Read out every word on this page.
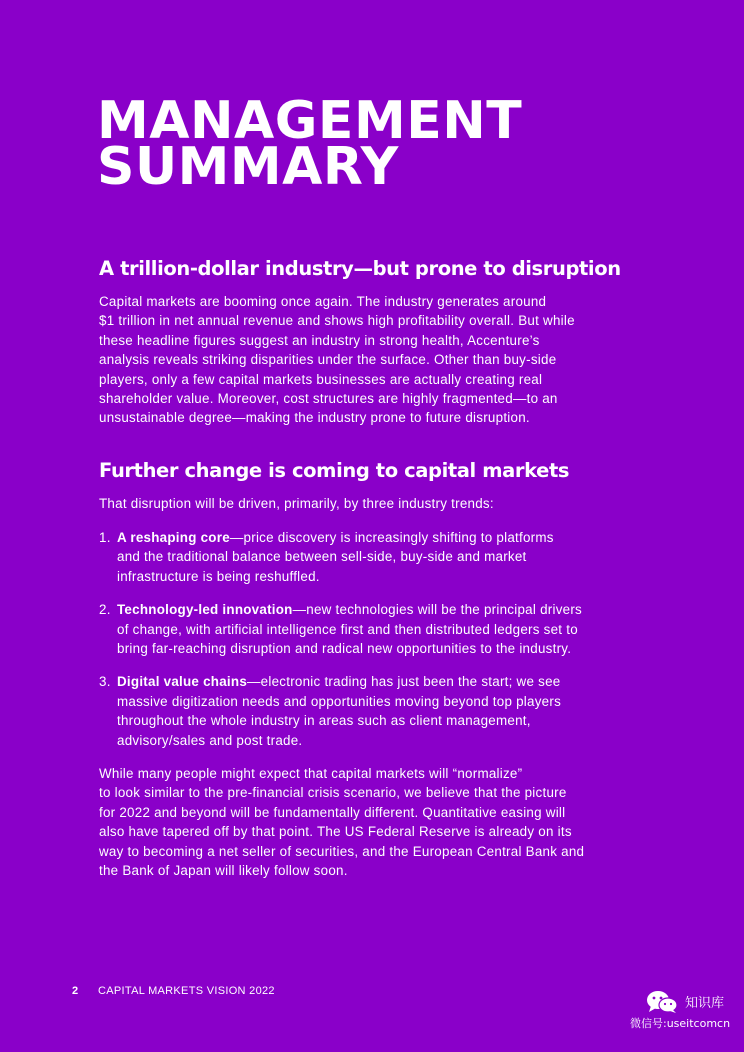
MANAGEMENT
SUMMARY
A trillion-dollar industry—but prone to disruption

Capital markets are booming once again. The industry generates around
$1 trillion in net annual revenue and shows high profitability overall. But while
these headline figures suggest an industry in strong health, Accenture’s
analysis reveals striking disparities under the surface. Other than buy-side
players, only a few capital markets businesses are actually creating real
shareholder value. Moreover, cost structures are highly fragmented—to an
unsustainable degree—making the industry prone to future disruption.

Further change is coming to capital markets

That disruption will be driven, primarily, by three industry trends:

1. A reshaping core—price discovery is increasingly shifting to platforms
and the traditional balance between sell-side, buy-side and market
infrastructure is being reshuffled.
2. Technology-led innovation—new technologies will be the principal drivers
of change, with artificial intelligence first and then distributed ledgers set to
bring far-reaching disruption and radical new opportunities to the industry.
3. Digital value chains—electronic trading has just been the start; we see
massive digitization needs and opportunities moving beyond top players
throughout the whole industry in areas such as client management,
advisory/sales and post trade.

While many people might expect that capital markets will “normalize”
to look similar to the pre-financial crisis scenario, we believe that the picture
for 2022 and beyond will be fundamentally different. Quantitative easing will
also have tapered off by that point. The US Federal Reserve is already on its
way to becoming a net seller of securities, and the European Central Bank and
the Bank of Japan will likely follow soon.

2 CAPITAL MARKETS VISION 2022
知识库
微信号:useitcomcn
